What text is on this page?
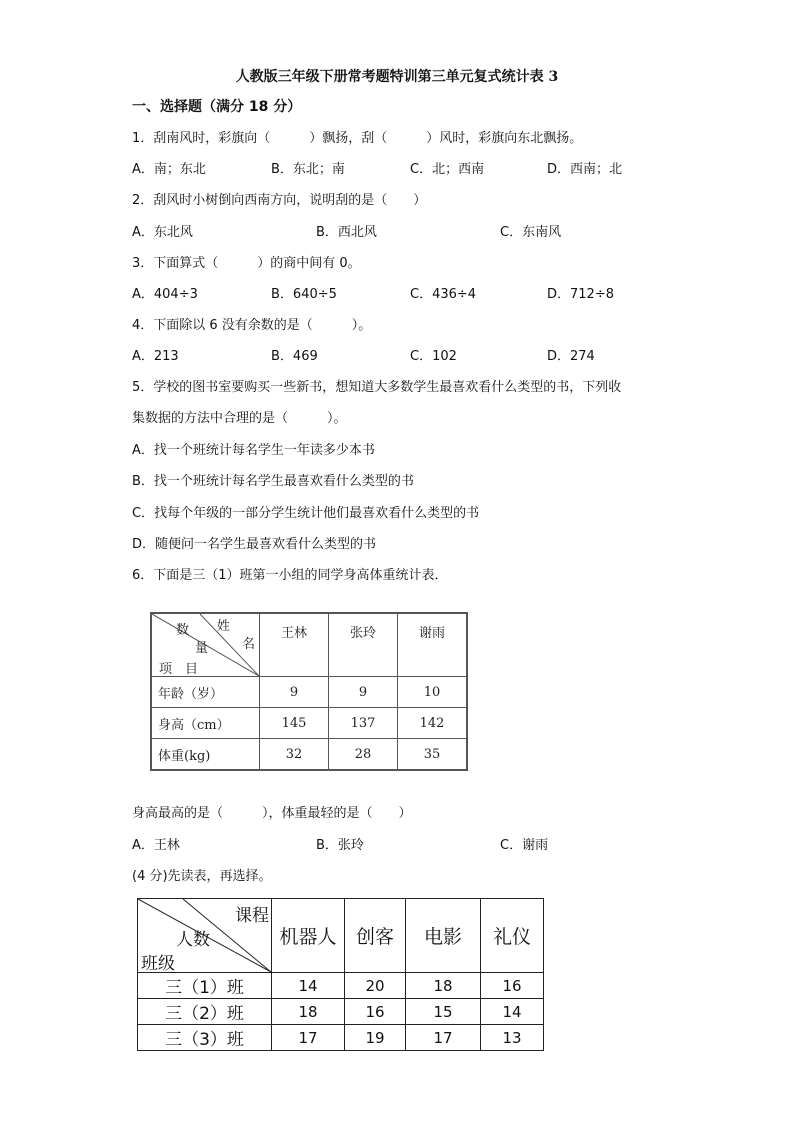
人教版三年级下册常考题特训第三单元复式统计表 3
一、选择题（满分 18 分）
1．刮南风时，彩旗向（　　　）飘扬，刮（　　　）风时，彩旗向东北飘扬。
A．南；东北	B．东北；南	C．北；西南	D．西南；北
2．刮风时小树倒向西南方向，说明刮的是（　　）
A．东北风	B．西北风	C．东南风
3．下面算式（　　　）的商中间有 0。
A．404÷3	B．640÷5	C．436÷4	D．712÷8
4．下面除以 6 没有余数的是（　　　）。
A．213	B．469	C．102	D．274
5．学校的图书室要购买一些新书，想知道大多数学生最喜欢看什么类型的书，下列收
集数据的方法中合理的是（　　　）。
A．找一个班统计每名学生一年读多少本书
B．找一个班统计每名学生最喜欢看什么类型的书
C．找每个年级的一部分学生统计他们最喜欢看什么类型的书
D．随便问一名学生最喜欢看什么类型的书
6．下面是三（1）班第一小组的同学身高体重统计表．
数 姓
名
量
项　目	王林	张玲	谢雨
年龄（岁）	9	9	10
身高（cm）	145	137	142
体重(kg)	32	28	35
身高最高的是（　　　），体重最轻的是（　　）
A．王林	B．张玲	C．谢雨
(4 分)先读表，再选择。
课程
人数
班级	机器人	创客	电影	礼仪
三（1）班	14	20	18	16
三（2）班	18	16	15	14
三（3）班	17	19	17	13
